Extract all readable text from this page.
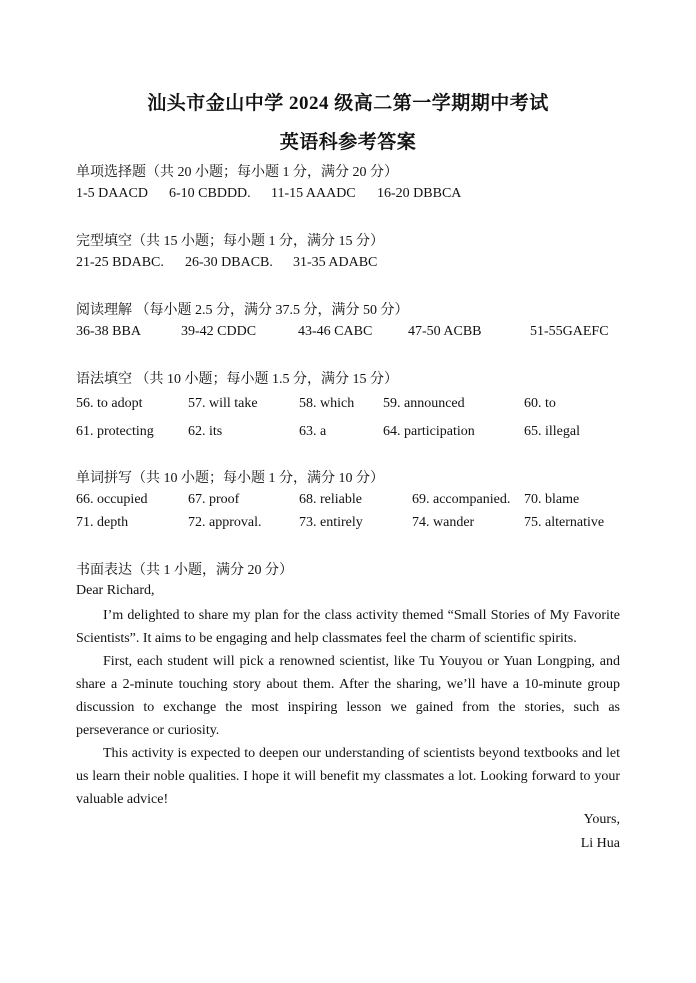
汕头市金山中学 2024 级高二第一学期期中考试
英语科参考答案
单项选择题（共 20 小题；每小题 1 分，满分 20 分）
1-5 DAACD 6-10 CBDDD. 11-15 AAADC 16-20 DBBCA
完型填空（共 15 小题；每小题 1 分，满分 15 分）
21-25 BDABC. 26-30 DBACB. 31-35 ADABC
阅读理解 （每小题 2.5 分，满分 37.5 分，满分 50 分）
36-38 BBA	39-42 CDDC	43-46 CABC	47-50 ACBB	51-55GAEFC
语法填空 （共 10 小题；每小题 1.5 分，满分 15 分）
56. to adopt	57. will take	58. which 59. announced	60. to
61. protecting 62. its	63. a	64. participation	65. illegal
单词拼写（共 10 小题；每小题 1 分，满分 10 分）
66. occupied	67. proof	68. reliable	69. accompanied. 70. blame
71. depth	72. approval.	73. entirely	74. wander	75. alternative
书面表达（共 1 小题，满分 20 分）
Dear Richard,

I’m delighted to share my plan for the class activity themed “Small Stories of My Favorite Scientists”. It aims to be engaging and help classmates feel the charm of scientific spirits.

First, each student will pick a renowned scientist, like Tu Youyou or Yuan Longping, and share a 2-minute touching story about them. After the sharing, we’ll have a 10-minute group discussion to exchange the most inspiring lesson we gained from the stories, such as perseverance or curiosity.

This activity is expected to deepen our understanding of scientists beyond textbooks and let us learn their noble qualities. I hope it will benefit my classmates a lot. Looking forward to your valuable advice!

Yours,
Li Hua
